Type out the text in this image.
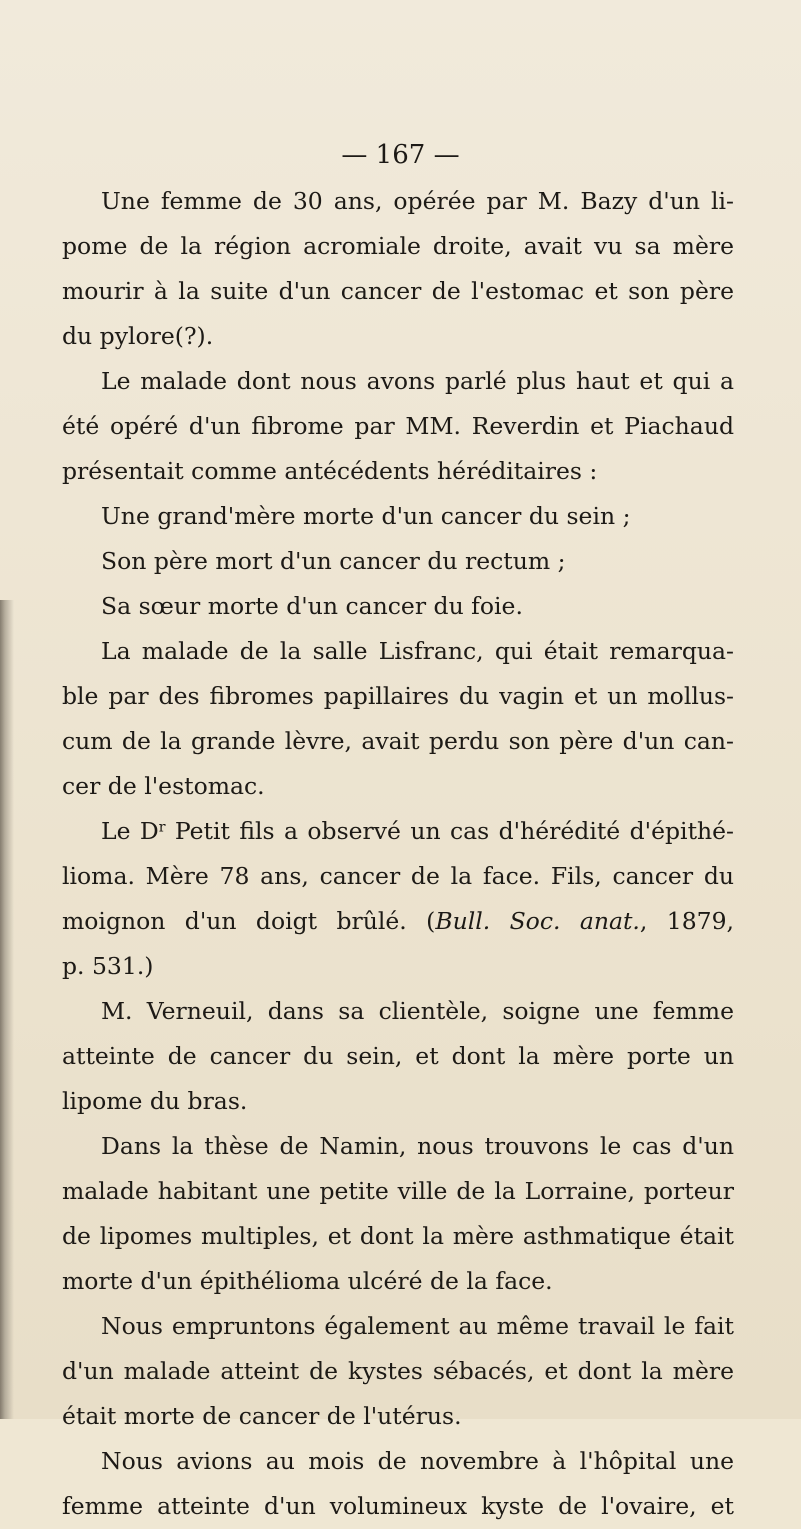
— 167 —

Une femme de 30 ans, opérée par M. Bazy d'un li-

pome de la région acromiale droite, avait vu sa mère

mourir à la suite d'un cancer de l'estomac et son père

du pylore(?).

Le malade dont nous avons parlé plus haut et qui a

été opéré d'un fibrome par MM. Reverdin et Piachaud

présentait comme antécédents héréditaires :

Une grand'mère morte d'un cancer du sein ;

Son père mort d'un cancer du rectum ;

Sa sœur morte d'un cancer du foie.

La malade de la salle Lisfranc, qui était remarqua-

ble par des fibromes papillaires du vagin et un mollus-

cum de la grande lèvre, avait perdu son père d'un can-

cer de l'estomac.

Le $D^r$ Petit fils a observé un cas d'hérédité d'épithé-

lioma. Mère 78 ans, cancer de la face. Fils, cancer du

moignon d'un doigt brûlé. (Bull. Soc. anat., 1879,

p. 531.)

M. Verneuil, dans sa clientèle, soigne une femme

atteinte de cancer du sein, et dont la mère porte un

lipome du bras.

Dans la thèse de Namin, nous trouvons le cas d'un

malade habitant une petite ville de la Lorraine, porteur

de lipomes multiples, et dont la mère asthmatique était

morte d'un épithélioma ulcéré de la face.

Nous empruntons également au même travail le fait

d'un malade atteint de kystes sébacés, et dont la mère

était morte de cancer de l'utérus.

Nous avions au mois de novembre à l'hôpital une

femme atteinte d'un volumineux kyste de l'ovaire, et
